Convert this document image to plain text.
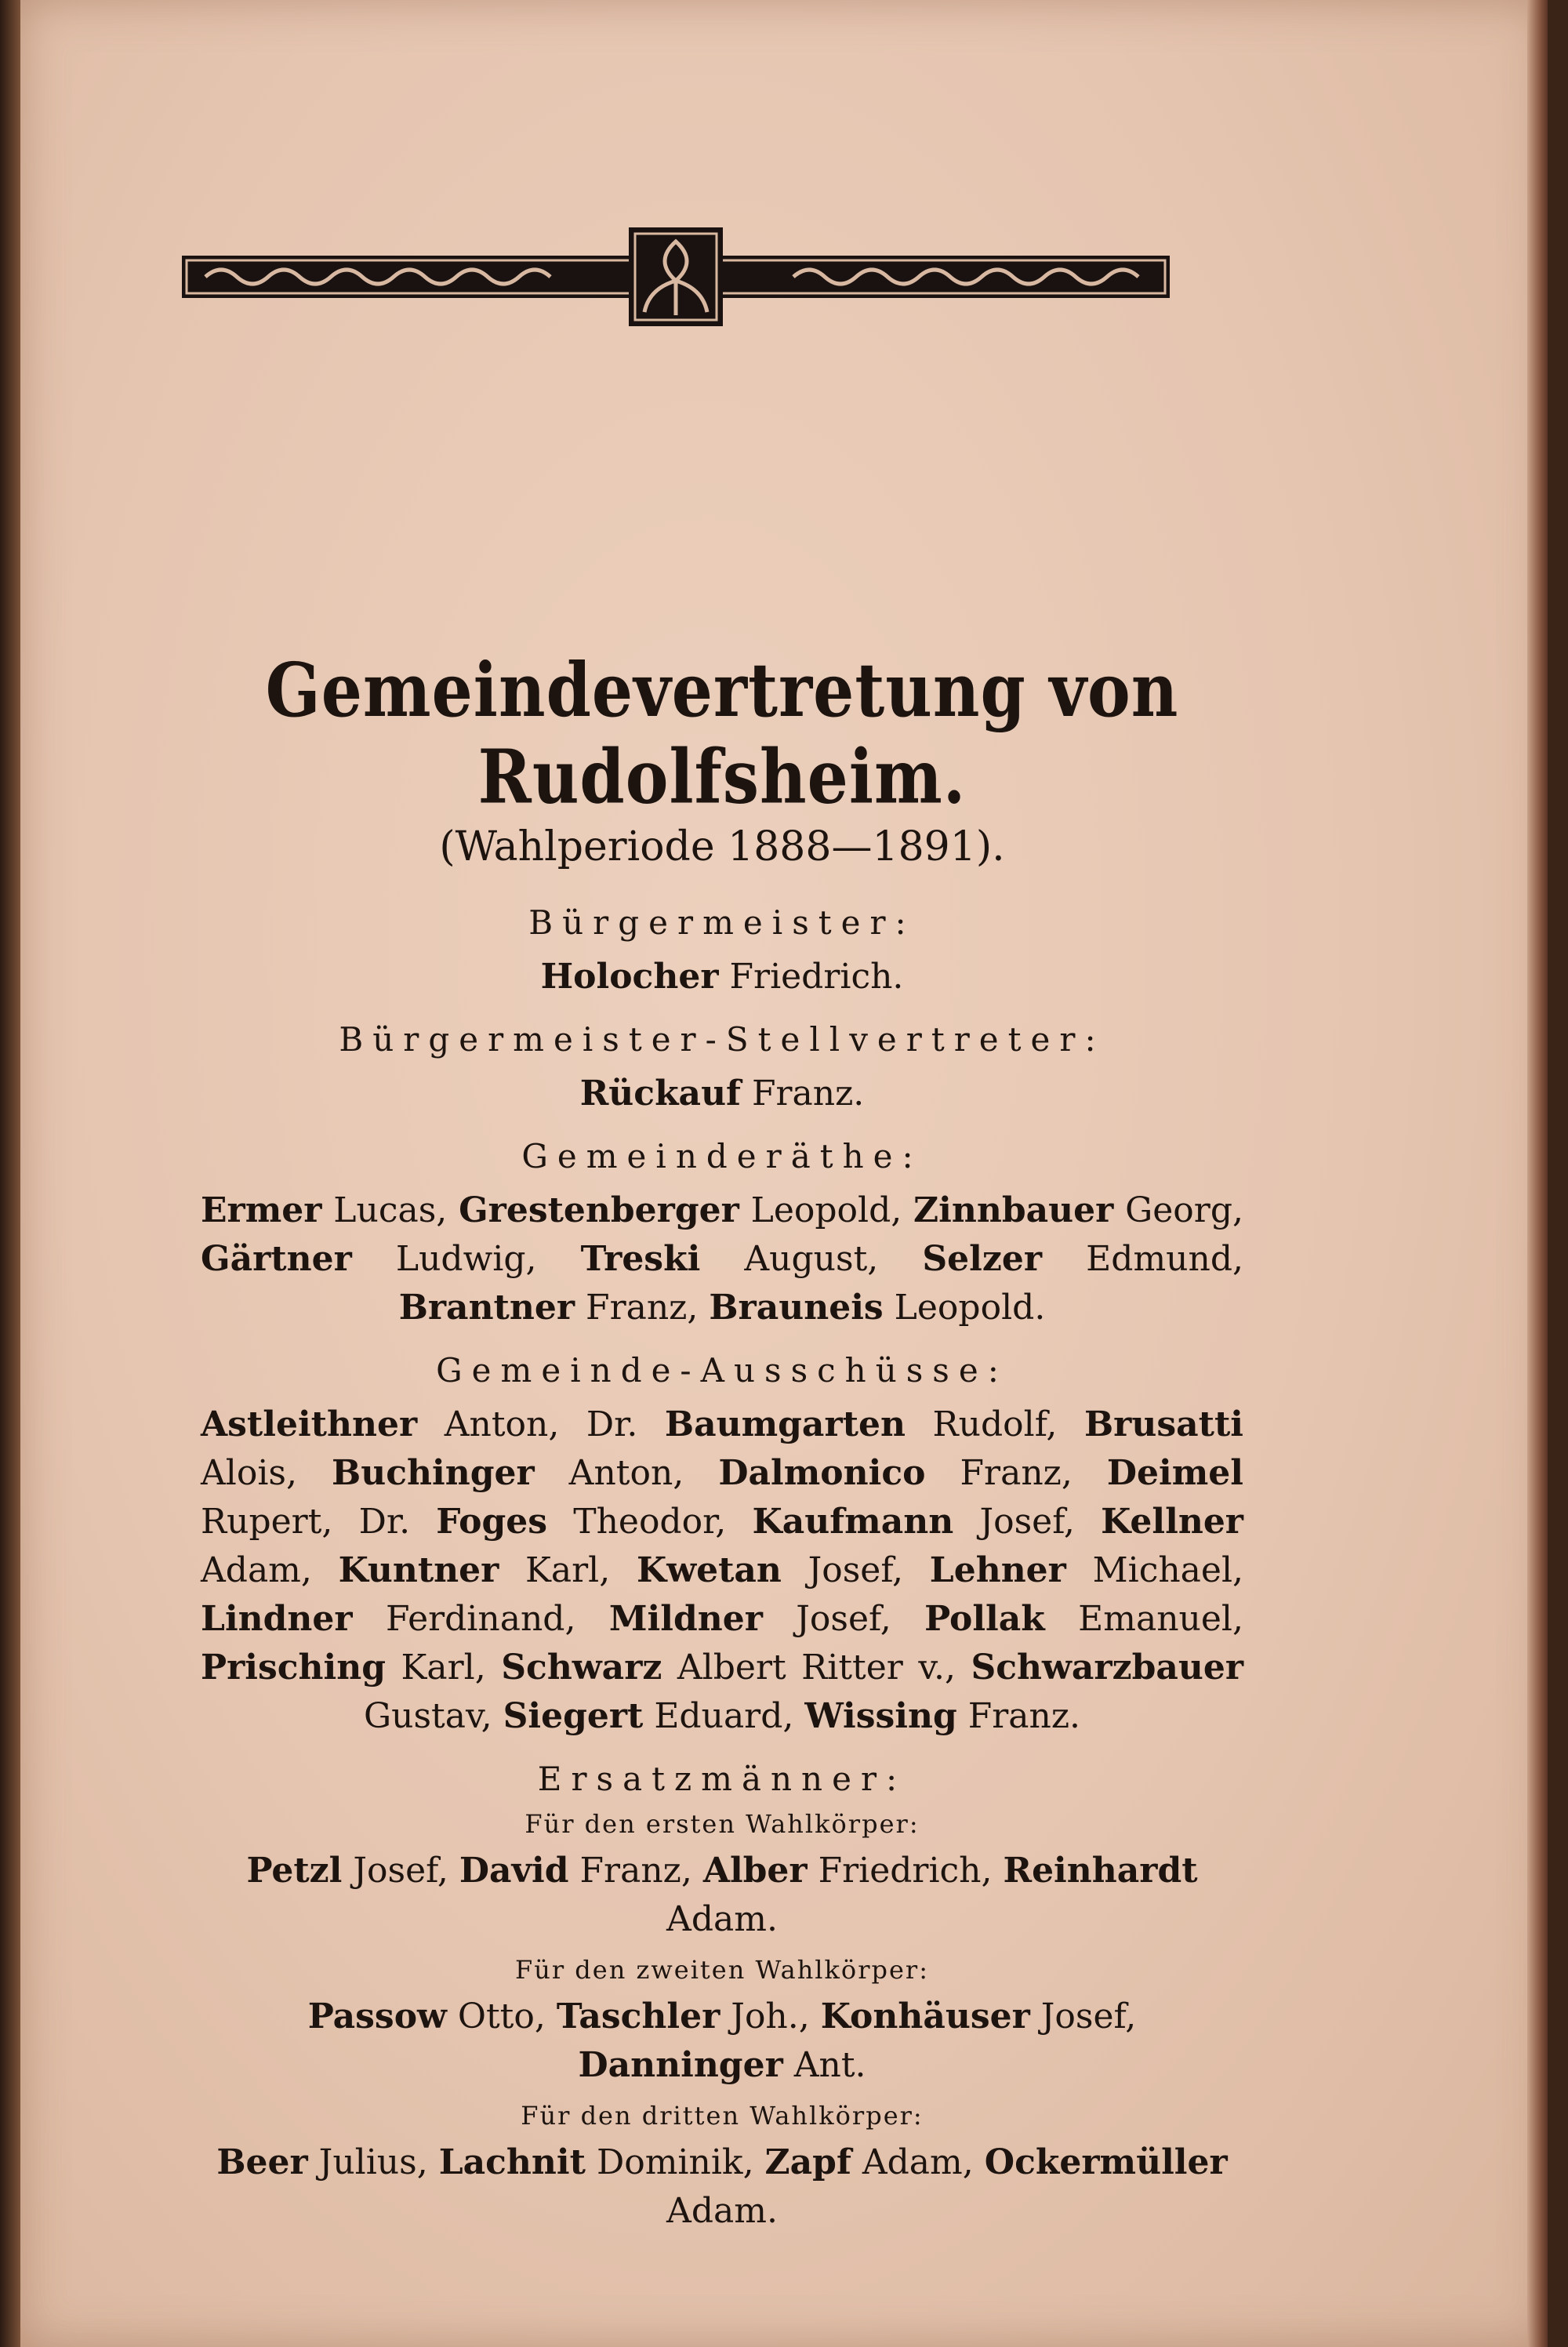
Gemeindevertretung von Rudolfsheim.
(Wahlperiode 1888—1891).
Bürgermeister:
Holocher Friedrich.
Bürgermeister-Stellvertreter:
Rückauf Franz.
Gemeinderäthe:
Ermer Lucas, Grestenberger Leopold, Zinnbauer Georg, Gärtner Ludwig, Treski August, Selzer Edmund, Brantner Franz, Brauneis Leopold.
Gemeinde-Ausschüsse:
Astleithner Anton, Dr. Baumgarten Rudolf, Brusatti Alois, Buchinger Anton, Dalmonico Franz, Deimel Rupert, Dr. Foges Theodor, Kaufmann Josef, Kellner Adam, Kuntner Karl, Kwetan Josef, Lehner Michael, Lindner Ferdinand, Mildner Josef, Pollak Emanuel, Prisching Karl, Schwarz Albert Ritter v., Schwarzbauer Gustav, Siegert Eduard, Wissing Franz.
Ersatzmänner:
Für den ersten Wahlkörper:
Petzl Josef, David Franz, Alber Friedrich, Reinhardt Adam.
Für den zweiten Wahlkörper:
Passow Otto, Taschler Joh., Konhäuser Josef, Danninger Ant.
Für den dritten Wahlkörper:
Beer Julius, Lachnit Dominik, Zapf Adam, Ockermüller Adam.
